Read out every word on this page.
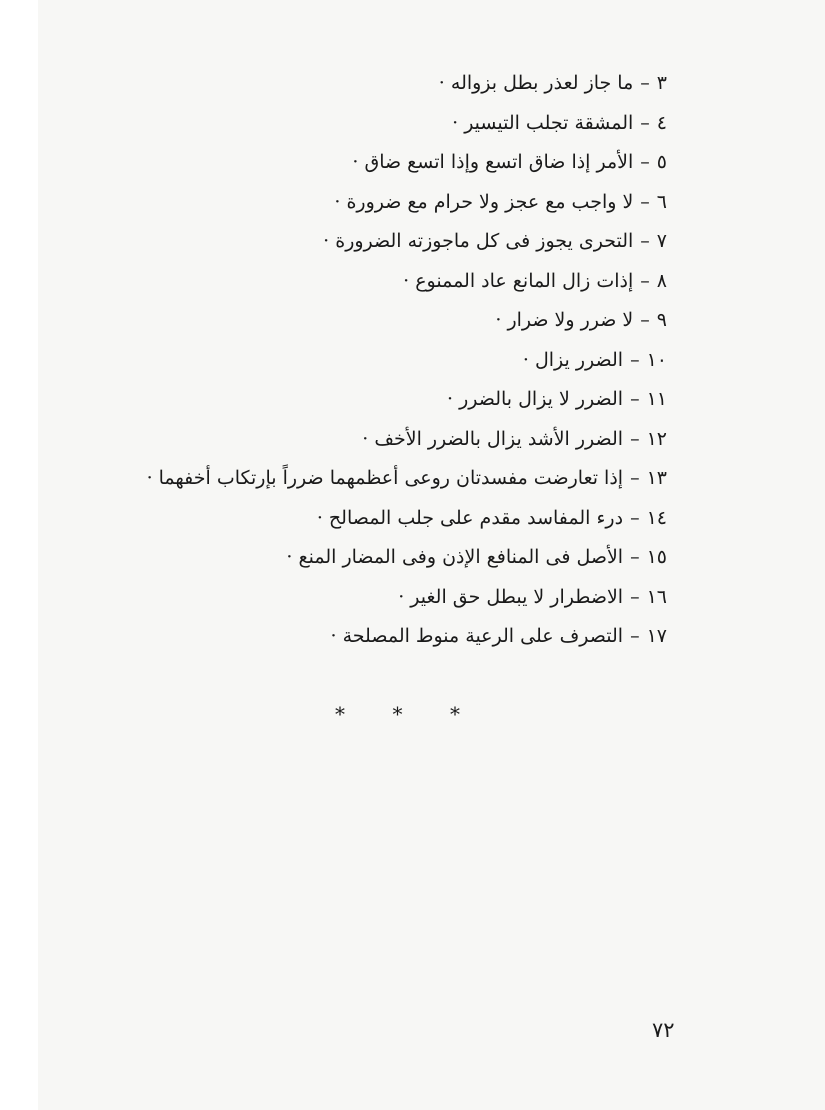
٣–ما جاز لعذر بطل بزواله ·
٤–المشقة تجلب التيسير ·
٥–الأمر إذا ضاق اتسع وإذا اتسع ضاق ·
٦–لا واجب مع عجز ولا حرام مع ضرورة ·
٧–التحرى يجوز فى كل ماجوزته الضرورة ·
٨–إذات زال المانع عاد الممنوع ·
٩–لا ضرر ولا ضرار ·
١٠–الضرر يزال ·
١١–الضرر لا يزال بالضرر ·
١٢–الضرر الأشد يزال بالضرر الأخف ·
١٣–إذا تعارضت مفسدتان روعى أعظمهما ضرراً بإرتكاب أخفهما ·
١٤–درء المفاسد مقدم على جلب المصالح ·
١٥–الأصل فى المنافع الإذن وفى المضار المنع ·
١٦–الاضطرار لا يبطل حق الغير ·
١٧–التصرف على الرعية منوط المصلحة ·
* * *
٧٢
